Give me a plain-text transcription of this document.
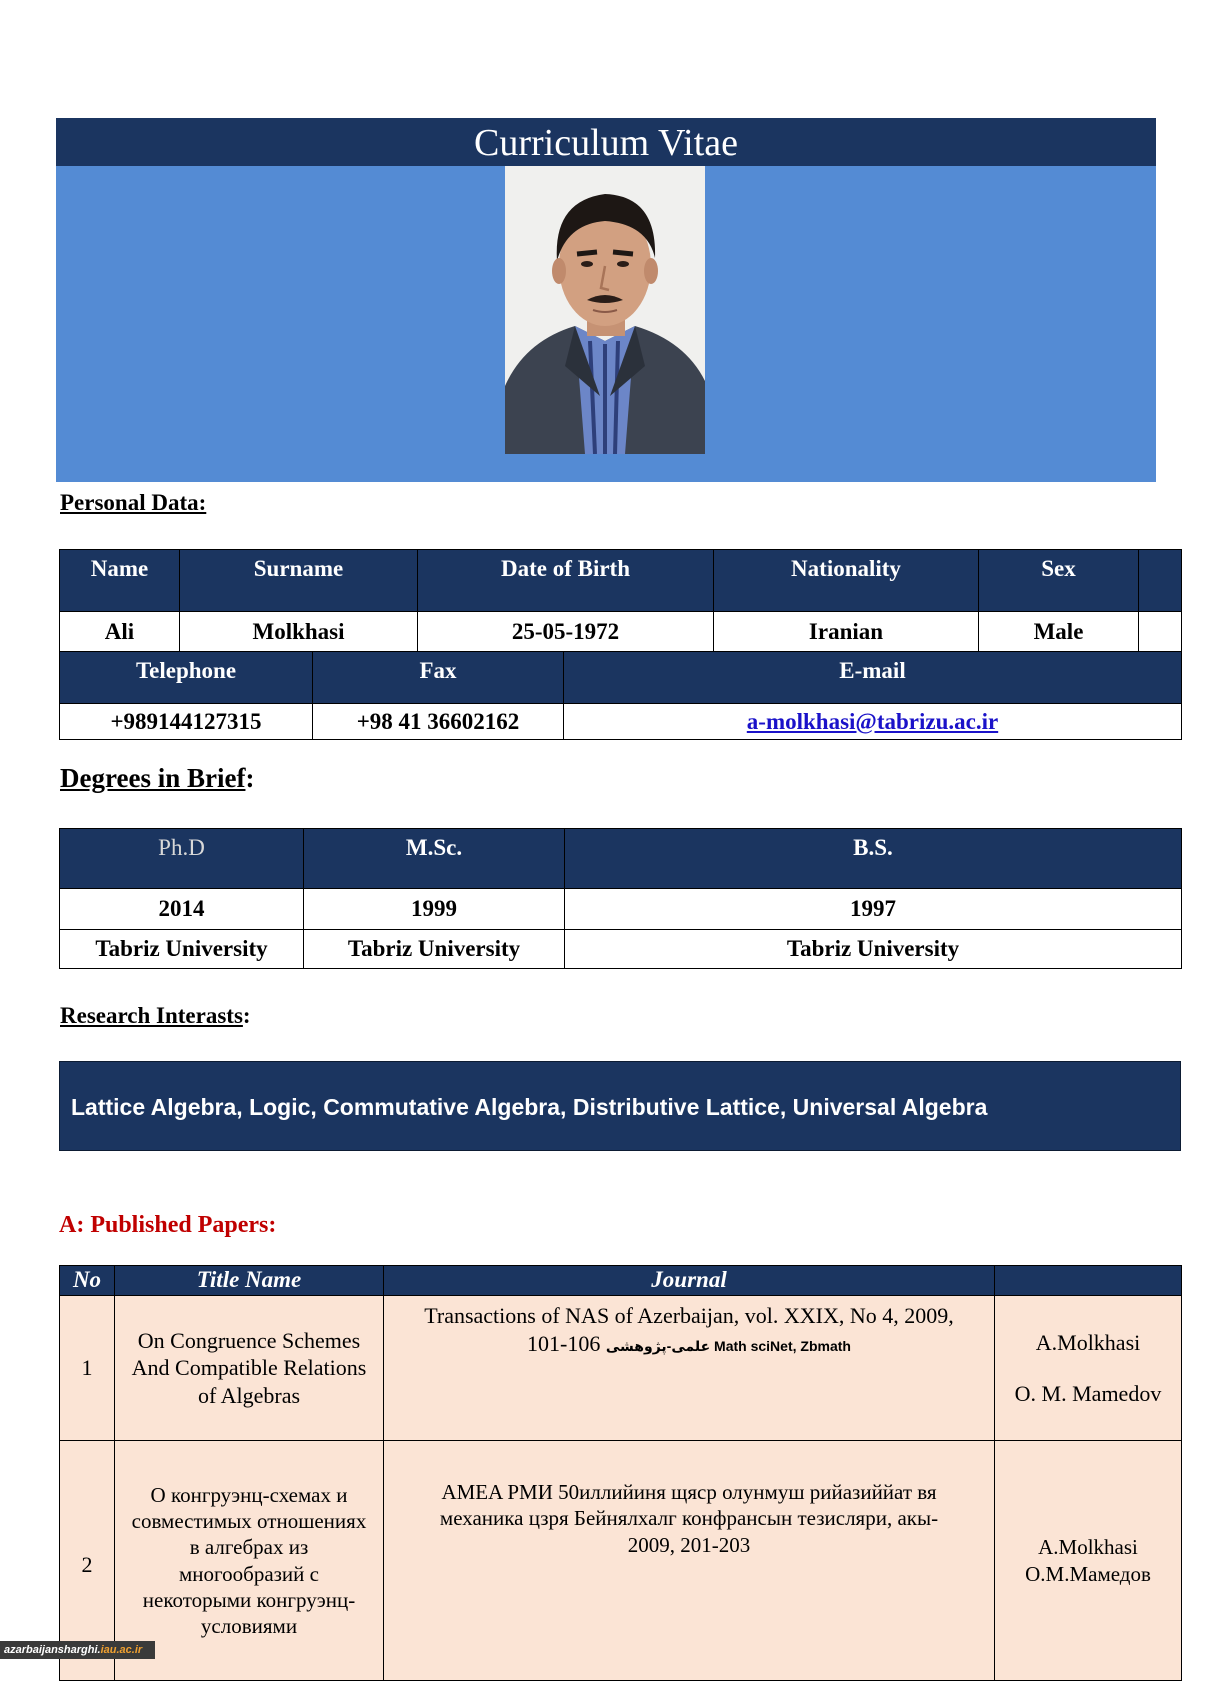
Curriculum Vitae
Personal Data:
Name	Surname	Date of Birth	Nationality	Sex	
Ali	Molkhasi	25-05-1972	Iranian	Male	
Telephone	Fax	E-mail
+989144127315	+98 41 36602162	a-molkhasi@tabrizu.ac.ir
Degrees in Brief:
Ph.D	M.Sc.	B.S.
2014	1999	1997
Tabriz University	Tabriz University	Tabriz University
Research Interasts:
Lattice Algebra, Logic, Commutative Algebra, Distributive Lattice, Universal Algebra
A: Published Papers:
No	Title Name	Journal	
1	On Congruence Schemes And Compatible Relations of Algebras	Transactions of NAS of Azerbaijan, vol. XXIX, No 4, 2009, 101-106 علمی-پژوهشی Math sciNet, Zbmath	A.Molkhasi
O. M. Mamedov

2	О конгруэнц-схемах и совместимых отношениях в алгебрах из многообразий с некоторыми конгруэнц-условиями	AMEA PMИ 50иллийиня щяср олунмуш рийазиййат вя механика цзря Бейнялхалг конфрансын тезисляри, акы- 2009, 201-203	A.Molkhasi
O.M.Мамедов
azarbaijansharghi.iau.ac.ir
